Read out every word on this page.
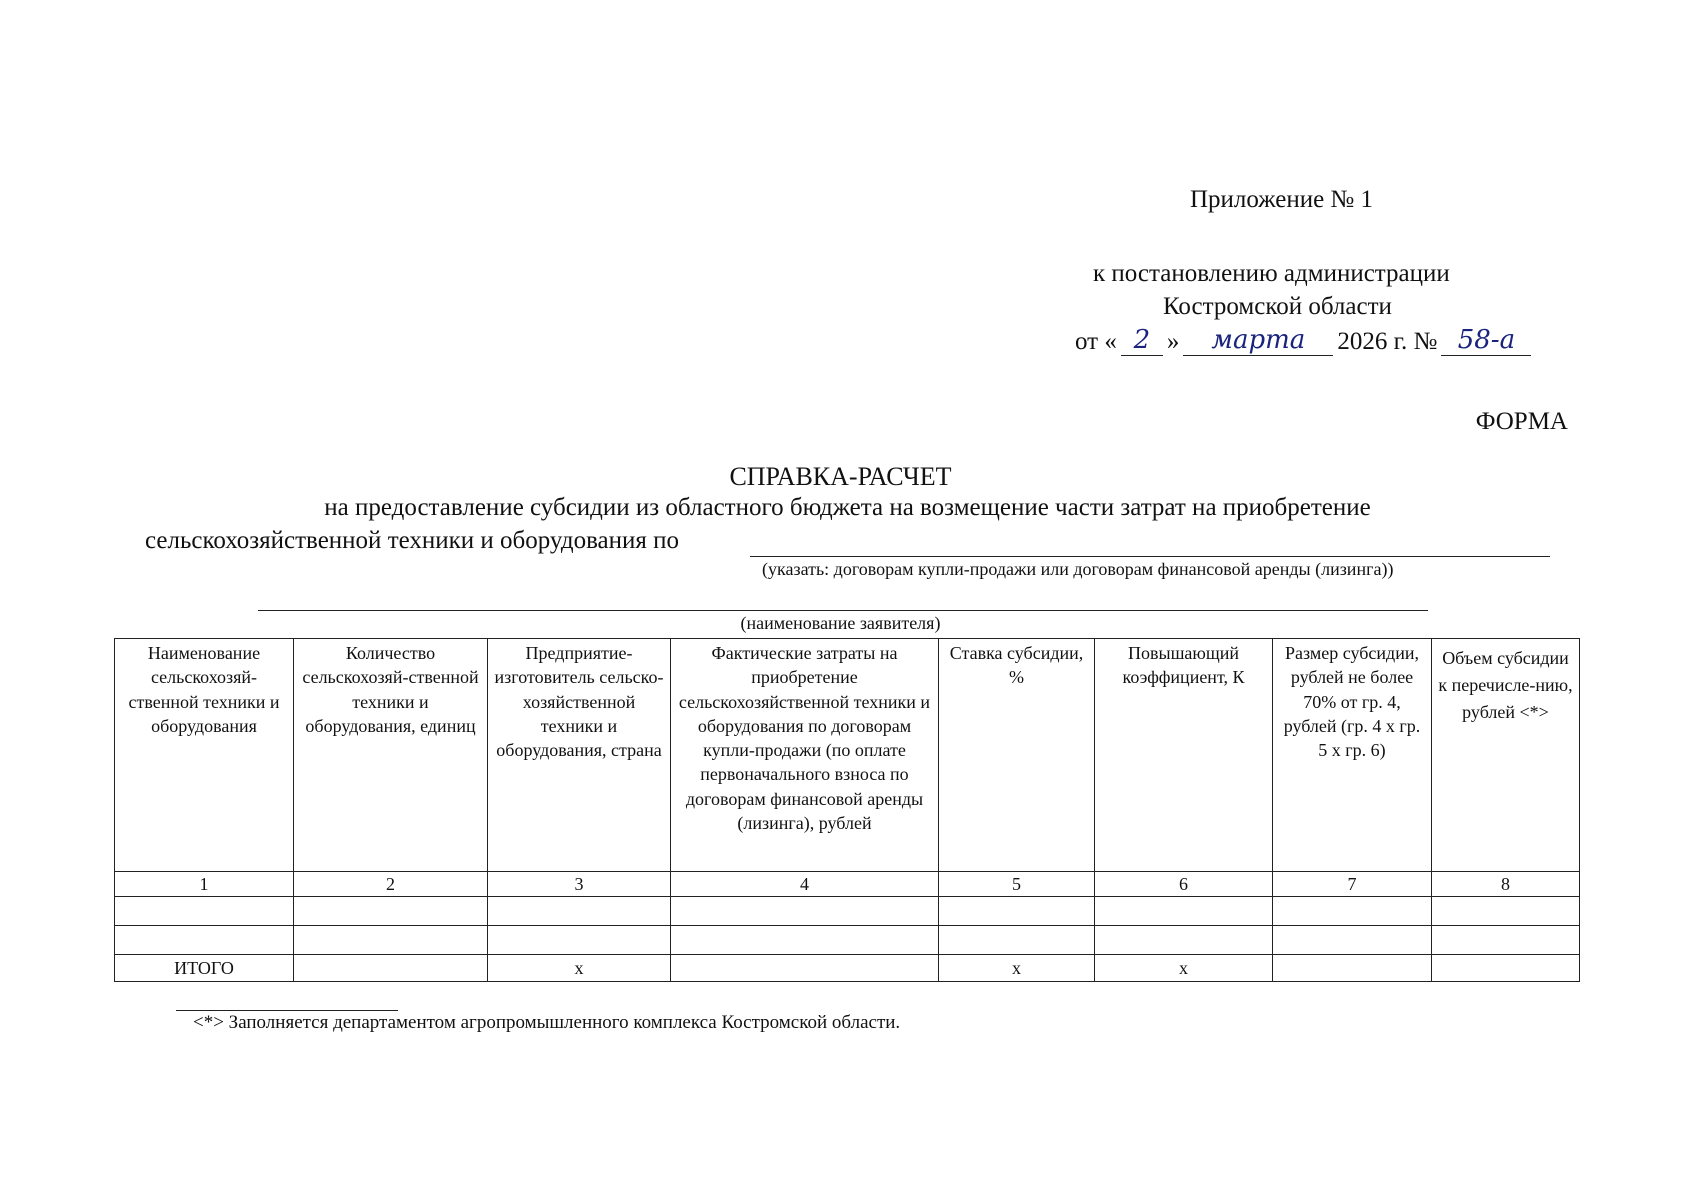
Приложение № 1
к постановлению администрации
Костромской области
от « 2 »	марта	2026 г. № 58-а
ФОРМА
СПРАВКА-РАСЧЕТ
на предоставление субсидии из областного бюджета на возмещение части затрат на приобретение
сельскохозяйственной техники и оборудования по
(указать: договорам купли-продажи или договорам финансовой аренды (лизинга))
(наименование заявителя)
Наименование сельскохозяй-ственной техники и оборудования	Количество сельскохозяй-ственной техники и оборудования, единиц	Предприятие-изготовитель сельско-хозяйственной техники и оборудования, страна	Фактические затраты на приобретение сельскохозяйственной техники и оборудования по договорам купли-продажи (по оплате первоначального взноса по договорам финансовой аренды (лизинга), рублей	Ставка субсидии, %	Повышающий коэффициент, К	Размер субсидии, рублей не более 70% от гр. 4, рублей (гр. 4 х гр. 5 х гр. 6)	Объем субсидии к перечисле-нию, рублей <*>
1	2	3	4	5	6	7	8

ИТОГО		х		х	х		
<*> Заполняется департаментом агропромышленного комплекса Костромской области.
